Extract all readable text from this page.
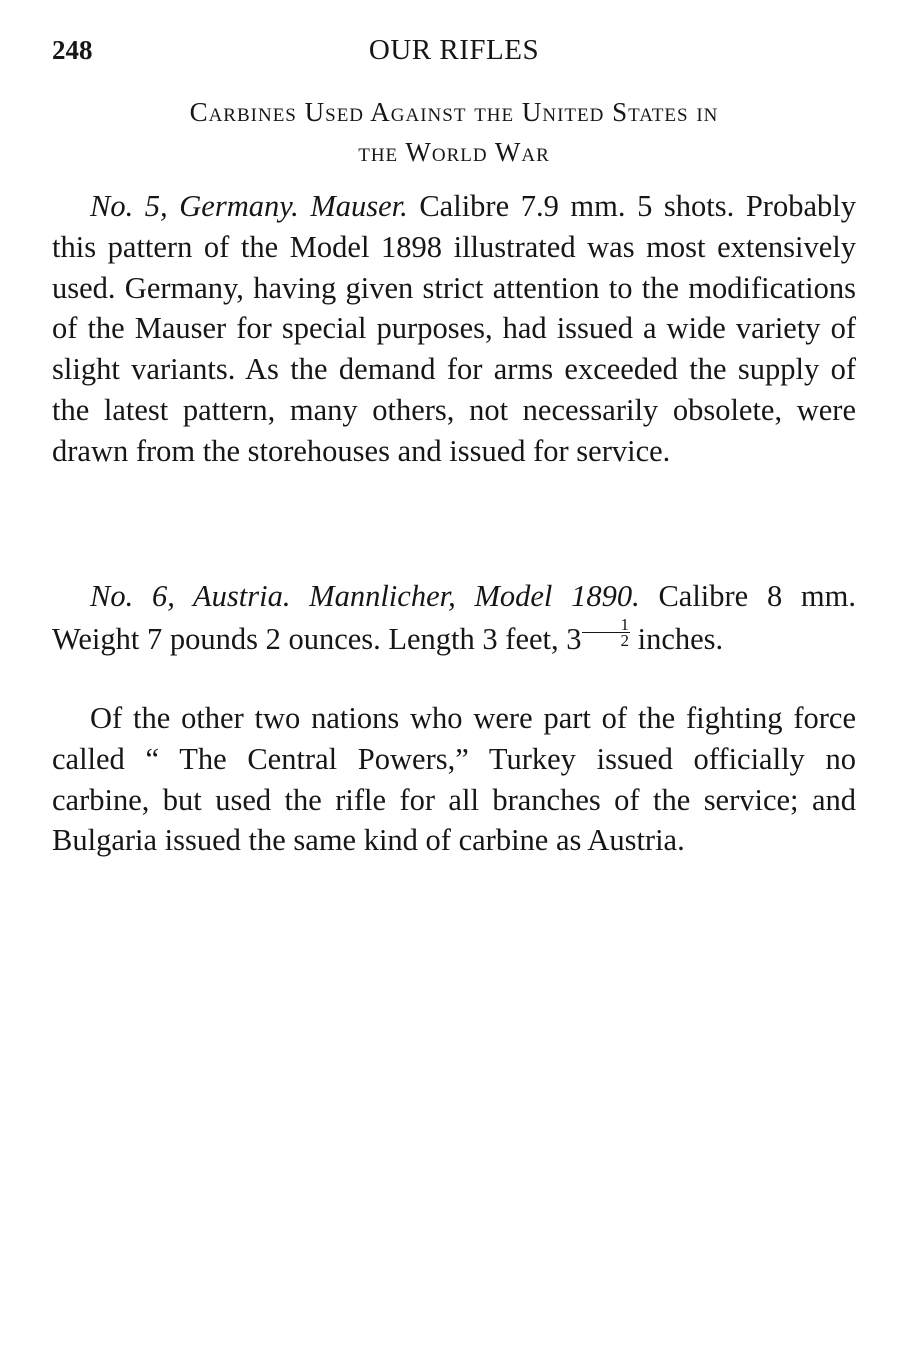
248	OUR RIFLES
Carbines Used Against the United States in
the World War

No. 5, Germany. Mauser. Calibre 7.9 mm. 5 shots. Probably this pattern of the Model 1898 illustrated was most extensively used. Germany, having given strict attention to the modifications of the Mauser for special purposes, had issued a wide variety of slight variants. As the demand for arms exceeded the supply of the latest pattern, many others, not necessarily obsolete, were drawn from the storehouses and issued for service.

No. 6, Austria. Mannlicher, Model 1890. Calibre 8 mm. Weight 7 pounds 2 ounces. Length 3 feet, $3 \frac{1}{2}$ inches.

Of the other two nations who were part of the fighting force called “ The Central Powers,” Turkey issued officially no carbine, but used the rifle for all branches of the service; and Bulgaria issued the same kind of carbine as Austria.
